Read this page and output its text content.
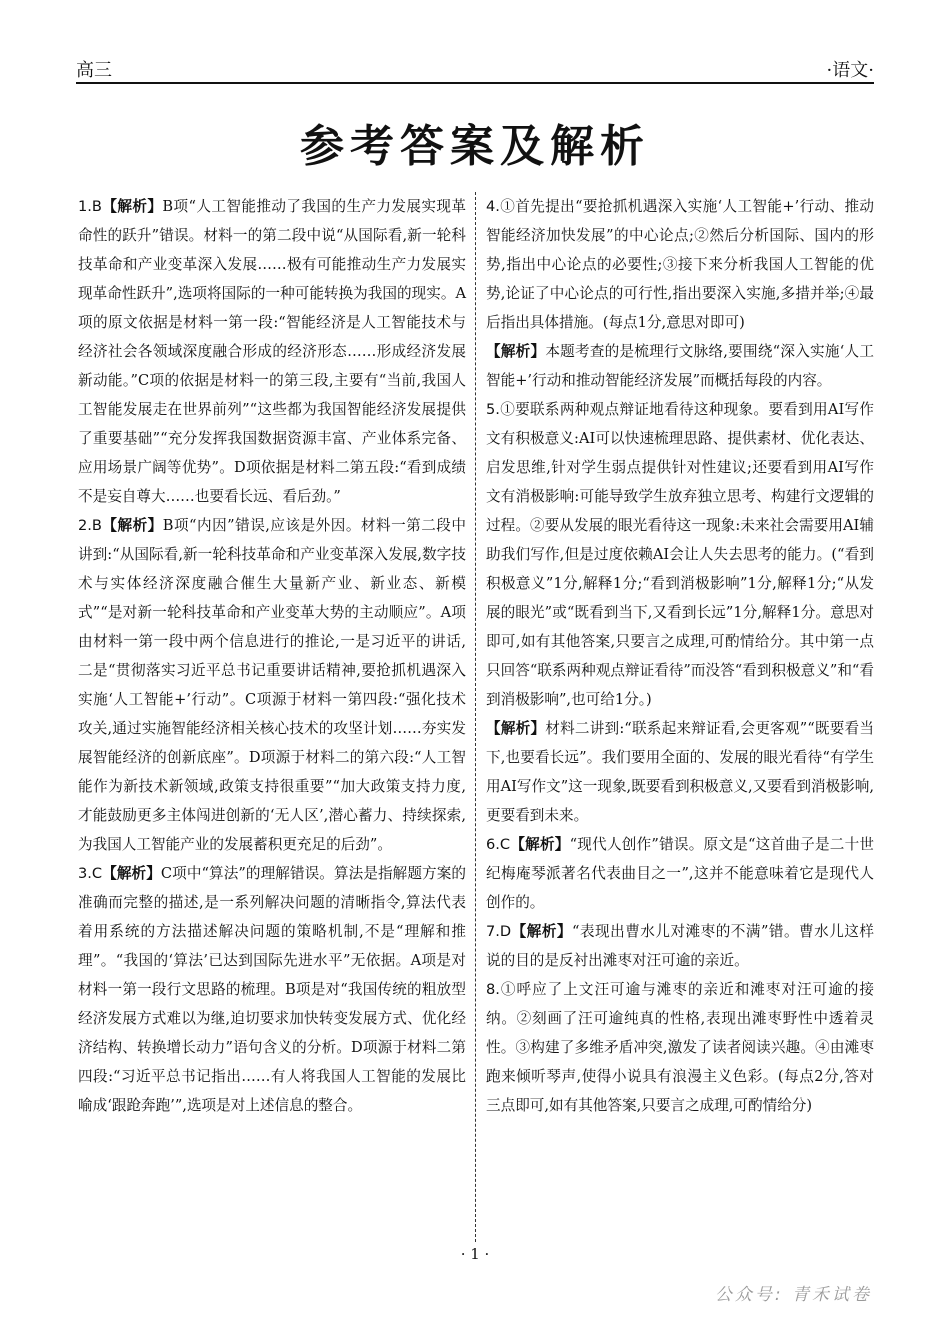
高三	·语文·
参考答案及解析

1.B【解析】B项“人工智能推动了我国的生产力发展实现革命性的跃升”错误。材料一的第二段中说“从国际看,新一轮科技革命和产业变革深入发展……极有可能推动生产力发展实现革命性跃升”,选项将国际的一种可能转换为我国的现实。A项的原文依据是材料一第一段:“智能经济是人工智能技术与经济社会各领域深度融合形成的经济形态……形成经济发展新动能。”C项的依据是材料一的第三段,主要有“当前,我国人工智能发展走在世界前列”“这些都为我国智能经济发展提供了重要基础”“充分发挥我国数据资源丰富、产业体系完备、应用场景广阔等优势”。D项依据是材料二第五段:“看到成绩不是妄自尊大……也要看长远、看后劲。”

2.B【解析】B项“内因”错误,应该是外因。材料一第二段中讲到:“从国际看,新一轮科技革命和产业变革深入发展,数字技术与实体经济深度融合催生大量新产业、新业态、新模式”“是对新一轮科技革命和产业变革大势的主动顺应”。A项由材料一第一段中两个信息进行的推论,一是习近平的讲话,二是“贯彻落实习近平总书记重要讲话精神,要抢抓机遇深入实施‘人工智能+’行动”。C项源于材料一第四段:“强化技术攻关,通过实施智能经济相关核心技术的攻坚计划……夯实发展智能经济的创新底座”。D项源于材料二的第六段:“人工智能作为新技术新领域,政策支持很重要”“加大政策支持力度,才能鼓励更多主体闯进创新的‘无人区’,潜心蓄力、持续探索,为我国人工智能产业的发展蓄积更充足的后劲”。

3.C【解析】C项中“算法”的理解错误。算法是指解题方案的准确而完整的描述,是一系列解决问题的清晰指令,算法代表着用系统的方法描述解决问题的策略机制,不是“理解和推理”。“我国的‘算法’已达到国际先进水平”无依据。A项是对材料一第一段行文思路的梳理。B项是对“我国传统的粗放型经济发展方式难以为继,迫切要求加快转变发展方式、优化经济结构、转换增长动力”语句含义的分析。D项源于材料二第四段:“习近平总书记指出……有人将我国人工智能的发展比喻成‘跟跄奔跑’”,选项是对上述信息的整合。

4.①首先提出“要抢抓机遇深入实施‘人工智能+’行动、推动智能经济加快发展”的中心论点;②然后分析国际、国内的形势,指出中心论点的必要性;③接下来分析我国人工智能的优势,论证了中心论点的可行性,指出要深入实施,多措并举;④最后指出具体措施。(每点1分,意思对即可)

【解析】本题考查的是梳理行文脉络,要围绕“深入实施‘人工智能+’行动和推动智能经济发展”而概括每段的内容。

5.①要联系两种观点辩证地看待这种现象。要看到用AI写作文有积极意义:AI可以快速梳理思路、提供素材、优化表达、启发思维,针对学生弱点提供针对性建议;还要看到用AI写作文有消极影响:可能导致学生放弃独立思考、构建行文逻辑的过程。②要从发展的眼光看待这一现象:未来社会需要用AI辅助我们写作,但是过度依赖AI会让人失去思考的能力。(“看到积极意义”1分,解释1分;“看到消极影响”1分,解释1分;“从发展的眼光”或“既看到当下,又看到长远”1分,解释1分。意思对即可,如有其他答案,只要言之成理,可酌情给分。其中第一点只回答“联系两种观点辩证看待”而没答“看到积极意义”和“看到消极影响”,也可给1分。)

【解析】材料二讲到:“联系起来辩证看,会更客观”“既要看当下,也要看长远”。我们要用全面的、发展的眼光看待“有学生用AI写作文”这一现象,既要看到积极意义,又要看到消极影响,更要看到未来。

6.C【解析】“现代人创作”错误。原文是“这首曲子是二十世纪梅庵琴派著名代表曲目之一”,这并不能意味着它是现代人创作的。

7.D【解析】“表现出曹水儿对滩枣的不满”错。曹水儿这样说的目的是反衬出滩枣对汪可逾的亲近。

8.①呼应了上文汪可逾与滩枣的亲近和滩枣对汪可逾的接纳。②刻画了汪可逾纯真的性格,表现出滩枣野性中透着灵性。③构建了多维矛盾冲突,激发了读者阅读兴趣。④由滩枣跑来倾听琴声,使得小说具有浪漫主义色彩。(每点2分,答对三点即可,如有其他答案,只要言之成理,可酌情给分)

· 1 ·
公众号: 青禾试卷
